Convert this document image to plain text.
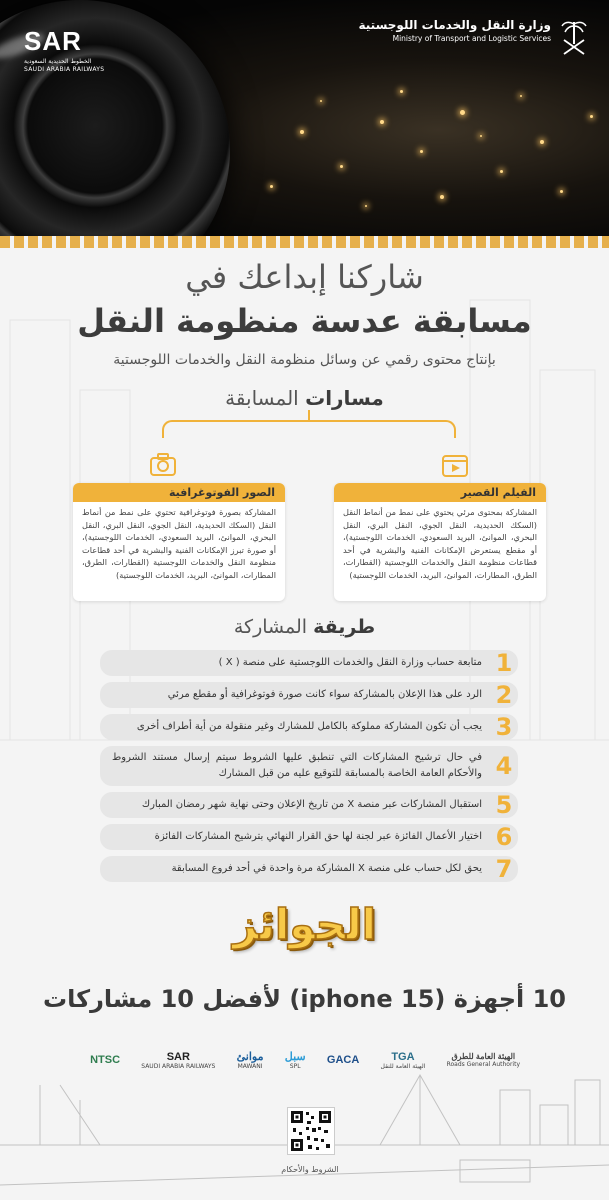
SAR
الخطوط الحديدية السعودية
SAUDI ARABIA RAILWAYS
وزارة النقل والخدمات اللوجستية
Ministry of Transport and Logistic Services
شاركنا إبداعك في
مسابقة عدسة منظومة النقل
بإنتاج محتوى رقمي عن وسائل منظومة النقل والخدمات اللوجستية
مسارات المسابقة
الصور الفوتوغرافية
المشاركة بصورة فوتوغرافية تحتوي على نمط من أنماط النقل (السكك الحديدية، النقل الجوي، النقل البري، النقل البحري، الموانئ، البريد السعودي، الخدمات اللوجستية)، أو صورة تبرز الإمكانات الفنية والبشرية في أحد قطاعات منظومة النقل والخدمات اللوجستية (القطارات، الطرق، المطارات، الموانئ، البريد، الخدمات اللوجستية)
الفيلم القصير
المشاركة بمحتوى مرئي يحتوي على نمط من أنماط النقل (السكك الحديدية، النقل الجوي، النقل البري، النقل البحري، الموانئ، البريد السعودي، الخدمات اللوجستية)، أو مقطع يستعرض الإمكانات الفنية والبشرية في أحد قطاعات منظومة النقل والخدمات اللوجستية (القطارات، الطرق، المطارات، الموانئ، البريد، الخدمات اللوجستية)
طريقة المشاركة
1
متابعة حساب وزارة النقل والخدمات اللوجستية على منصة ( X )
2
الرد على هذا الإعلان بالمشاركة سواء كانت صورة فوتوغرافية أو مقطع مرئي
3
يجب أن تكون المشاركة مملوكة بالكامل للمشارك وغير منقولة من أية أطراف أخرى
4
في حال ترشيح المشاركات التي تنطبق عليها الشروط سيتم إرسال مستند الشروط والأحكام العامة الخاصة بالمسابقة للتوقيع عليه من قبل المشارك
5
استقبال المشاركات عبر منصة X من تاريخ الإعلان وحتى نهاية شهر رمضان المبارك
6
اختيار الأعمال الفائزة عبر لجنة لها حق القرار النهائي بترشيح المشاركات الفائزة
7
يحق لكل حساب على منصة X المشاركة مرة واحدة في أحد فروع المسابقة
الجوائز
10 أجهزة (iphone 15) لأفضل 10 مشاركات
الهيئة العامة للطرق
Roads General Authority
TGA
الهيئة العامة للنقل
GACA
سبل
SPL
موانئ
MAWANI
SAR
SAUDI ARABIA RAILWAYS
NTSC
الشروط والأحكام
